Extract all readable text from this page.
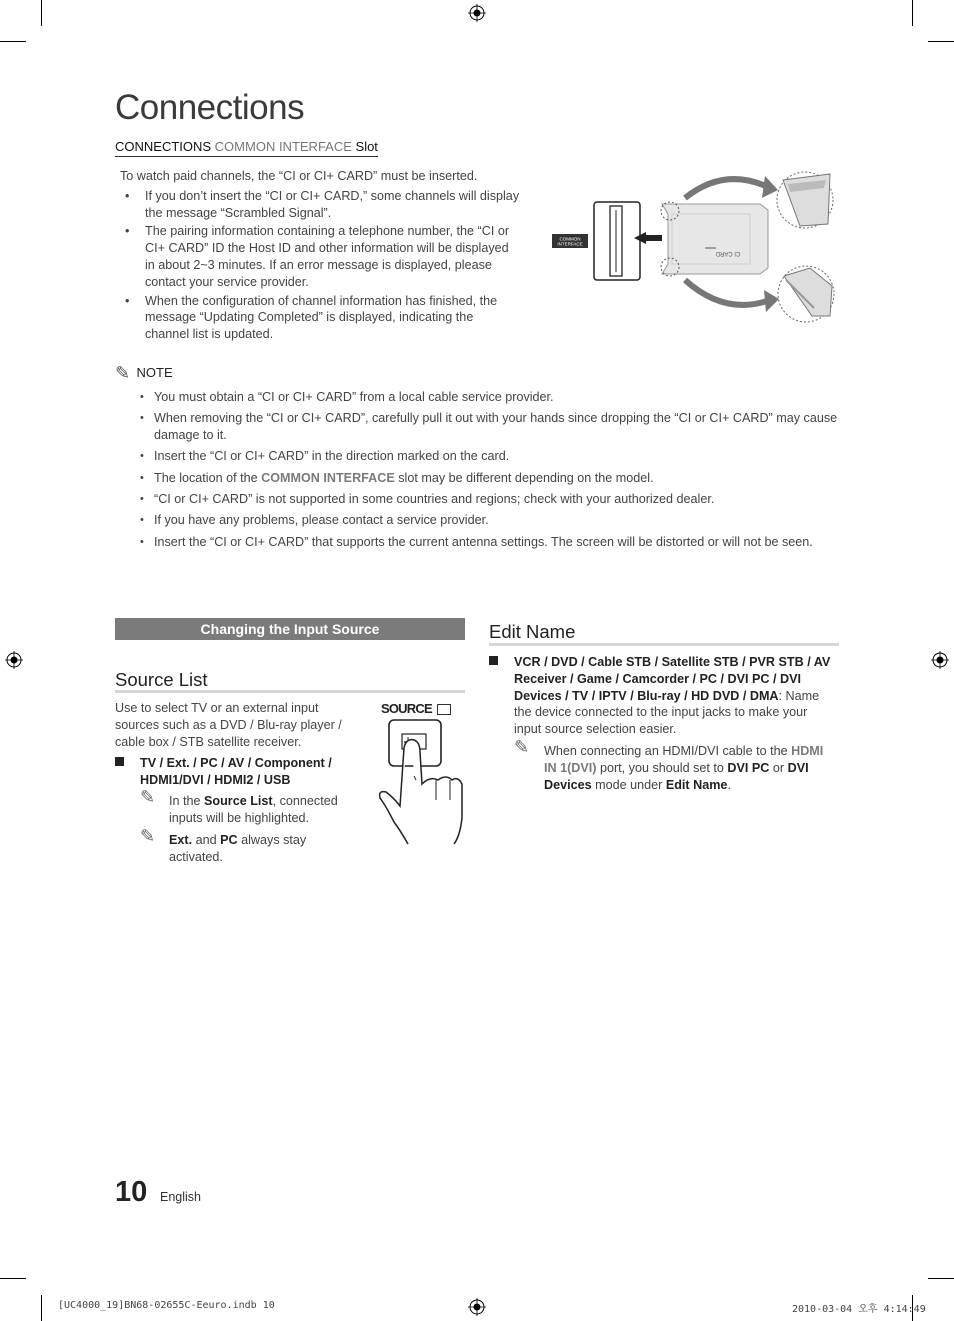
Connections
CONNECTIONS COMMON INTERFACE Slot
To watch paid channels, the “CI or CI+ CARD” must be inserted.
• If you don’t insert the “CI or CI+ CARD,” some channels will display the message “Scrambled Signal”.
• The pairing information containing a telephone number, the “CI or CI+ CARD” ID the Host ID and other information will be displayed in about 2~3 minutes. If an error message is displayed, please contact your service provider.
• When the configuration of channel information has finished, the message “Updating Completed” is displayed, indicating the channel list is updated.
COMMON
INTERFACE
CI CARD
✎ NOTE
• You must obtain a “CI or CI+ CARD” from a local cable service provider.
• When removing the “CI or CI+ CARD”, carefully pull it out with your hands since dropping the “CI or CI+ CARD” may cause damage to it.
• Insert the “CI or CI+ CARD” in the direction marked on the card.
• The location of the COMMON INTERFACE slot may be different depending on the model.
• “CI or CI+ CARD” is not supported in some countries and regions; check with your authorized dealer.
• If you have any problems, please contact a service provider.
• Insert the “CI or CI+ CARD” that supports the current antenna settings. The screen will be distorted or will not be seen.
Changing the Input Source
Source List
Use to select TV or an external input sources such as a DVD / Blu-ray player / cable box / STB satellite receiver.
TV / Ext. / PC / AV / Component / HDMI1/DVI / HDMI2 / USB
✎ In the Source List, connected inputs will be highlighted.
✎ Ext. and PC always stay activated.
SOURCE
Edit Name
VCR / DVD / Cable STB / Satellite STB / PVR STB / AV Receiver / Game / Camcorder / PC / DVI PC / DVI Devices / TV / IPTV / Blu-ray / HD DVD / DMA: Name the device connected to the input jacks to make your input source selection easier.
✎ When connecting an HDMI/DVI cable to the HDMI IN 1(DVI) port, you should set to DVI PC or DVI Devices mode under Edit Name.
10 English
[UC4000_19]BN68-02655C-Eeuro.indb 10	2010-03-04 오후 4:14:49
